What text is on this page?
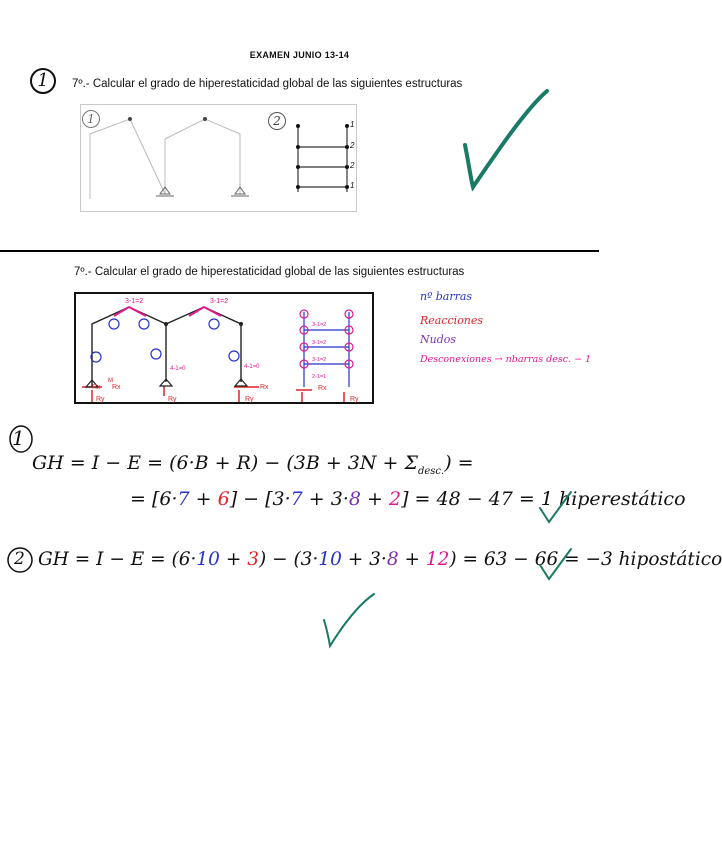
EXAMEN JUNIO 13-14
1	7º.- Calcular el grado de hiperestaticidad global de las siguientes estructuras
1	2	1
2
2
1
7º.- Calcular el grado de hiperestaticidad global de las siguientes estructuras
3-1=2	3-1=2
4-1=0	4-1=0
3-1=2
3-1=2
3-1=2
2-1=1
Rx
Ry
Rx
Ry
Rx
Ry
M
Ry
Rx
nº barras
Reacciones
Nudos
Desconexiones → nbarras desc. − 1
1
GH = $I - E = (6\cdot B + R) - (3B + 3N + \Sigma_{desc.})$ =
= [6·7 + 6] − [3·7 + 3·8 + 2] = 48 − 47 = 1 hiperestático
2 GH = I − E = (6·10 + 3) − (3·10 + 3·8 + 12) = 63 − 66 = −3 hipostático
